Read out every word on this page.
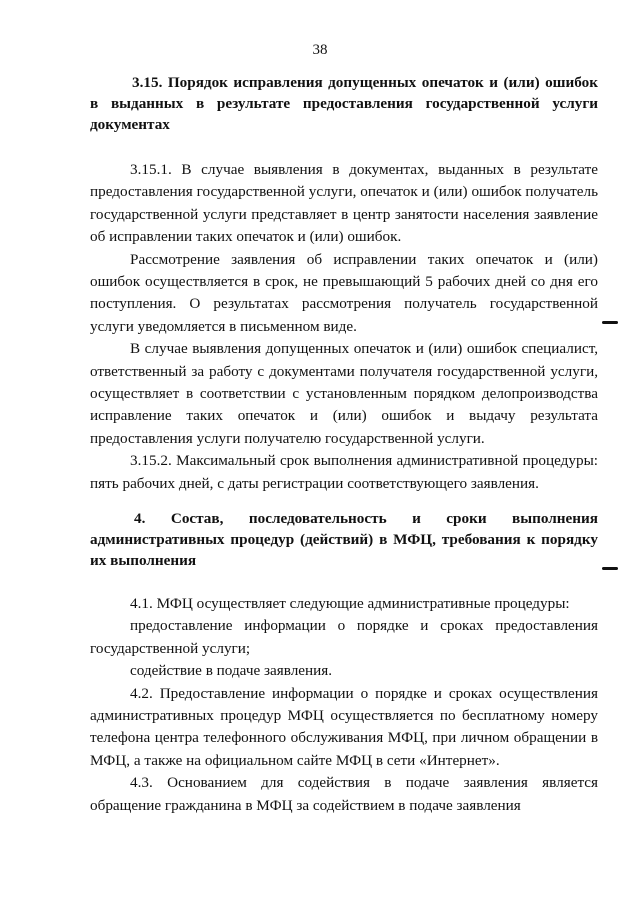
38
3.15. Порядок исправления допущенных опечаток и (или) ошибок в выданных в результате предоставления государственной услуги документах

3.15.1. В случае выявления в документах, выданных в результате предоставления государственной услуги, опечаток и (или) ошибок получатель государственной услуги представляет в центр занятости населения заявление об исправлении таких опечаток и (или) ошибок.

Рассмотрение заявления об исправлении таких опечаток и (или) ошибок осуществляется в срок, не превышающий 5 рабочих дней со дня его поступления. О результатах рассмотрения получатель государственной услуги уведомляется в письменном виде.

В случае выявления допущенных опечаток и (или) ошибок специалист, ответственный за работу с документами получателя государственной услуги, осуществляет в соответствии с установленным порядком делопроизводства исправление таких опечаток и (или) ошибок и выдачу результата предоставления услуги получателю государственной услуги.

3.15.2. Максимальный срок выполнения административной процедуры: пять рабочих дней, с даты регистрации соответствующего заявления.

4. Состав, последовательность и сроки выполнения административных процедур (действий) в МФЦ, требования к порядку их выполнения

4.1. МФЦ осуществляет следующие административные процедуры:

предоставление информации о порядке и сроках предоставления государственной услуги;

содействие в подаче заявления.

4.2. Предоставление информации о порядке и сроках осуществления административных процедур МФЦ осуществляется по бесплатному номеру телефона центра телефонного обслуживания МФЦ, при личном обращении в МФЦ, а также на официальном сайте МФЦ в сети «Интернет».

4.3. Основанием для содействия в подаче заявления является обращение гражданина в МФЦ за содействием в подаче заявления
